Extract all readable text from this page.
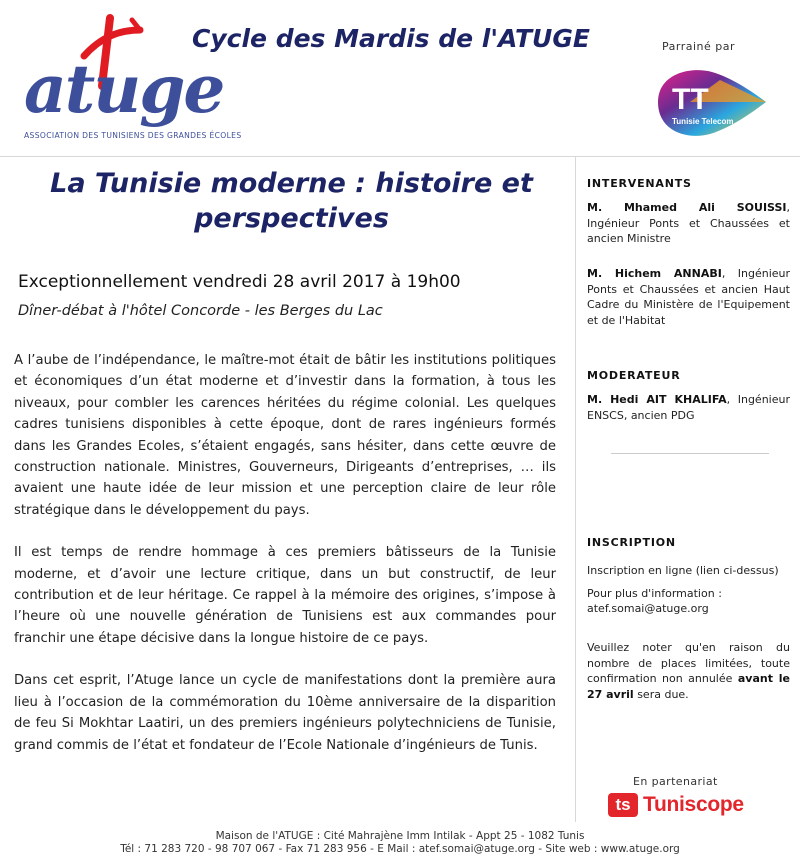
atuge
ASSOCIATION DES TUNISIENS DES GRANDES ÉCOLES
Cycle des Mardis de l'ATUGE	Parrainé par
TT
Tunisie Telecom
La Tunisie moderne : histoire et perspectives
Exceptionnellement vendredi 28 avril 2017 à 19h00
Dîner-débat à l'hôtel Concorde - les Berges du Lac

A l’aube de l’indépendance, le maître-mot était de bâtir les institutions politiques et économiques d’un état moderne et d’investir dans la formation, à tous les niveaux, pour combler les carences héritées du régime colonial. Les quelques cadres tunisiens disponibles à cette époque, dont de rares ingénieurs formés dans les Grandes Ecoles, s’étaient engagés, sans hésiter, dans cette œuvre de construction nationale. Ministres, Gouverneurs, Dirigeants d’entreprises, … ils avaient une haute idée de leur mission et une perception claire de leur rôle stratégique dans le développement du pays.

Il est temps de rendre hommage à ces premiers bâtisseurs de la Tunisie moderne, et d’avoir une lecture critique, dans un but constructif, de leur contribution et de leur héritage. Ce rappel à la mémoire des origines, s’impose à l’heure où une nouvelle génération de Tunisiens est aux commandes pour franchir une étape décisive dans la longue histoire de ce pays.

Dans cet esprit, l’Atuge lance un cycle de manifestations dont la première aura lieu à l’occasion de la commémoration du 10ème anniversaire de la disparition de feu Si Mokhtar Laatiri, un des premiers ingénieurs polytechniciens de Tunisie, grand commis de l’état et fondateur de l’Ecole Nationale d’ingénieurs de Tunis.

INTERVENANTS
M. Mhamed Ali SOUISSI, Ingénieur Ponts et Chaussées et ancien Ministre
M. Hichem ANNABI, Ingénieur Ponts et Chaussées et ancien Haut Cadre du Ministère de l'Equipement et de l'Habitat
MODERATEUR
M. Hedi AIT KHALIFA, Ingénieur ENSCS, ancien PDG
INSCRIPTION
Inscription en ligne (lien ci-dessus)
Pour plus d'information :
atef.somai@atuge.org
Veuillez noter qu'en raison du nombre de places limitées, toute confirmation non annulée avant le 27 avril sera due.
En partenariat
ts Tuniscope
Maison de l'ATUGE : Cité Mahrajène Imm Intilak - Appt 25 - 1082 Tunis
Tél : 71 283 720 - 98 707 067 - Fax 71 283 956 - E Mail : atef.somai@atuge.org - Site web : www.atuge.org
